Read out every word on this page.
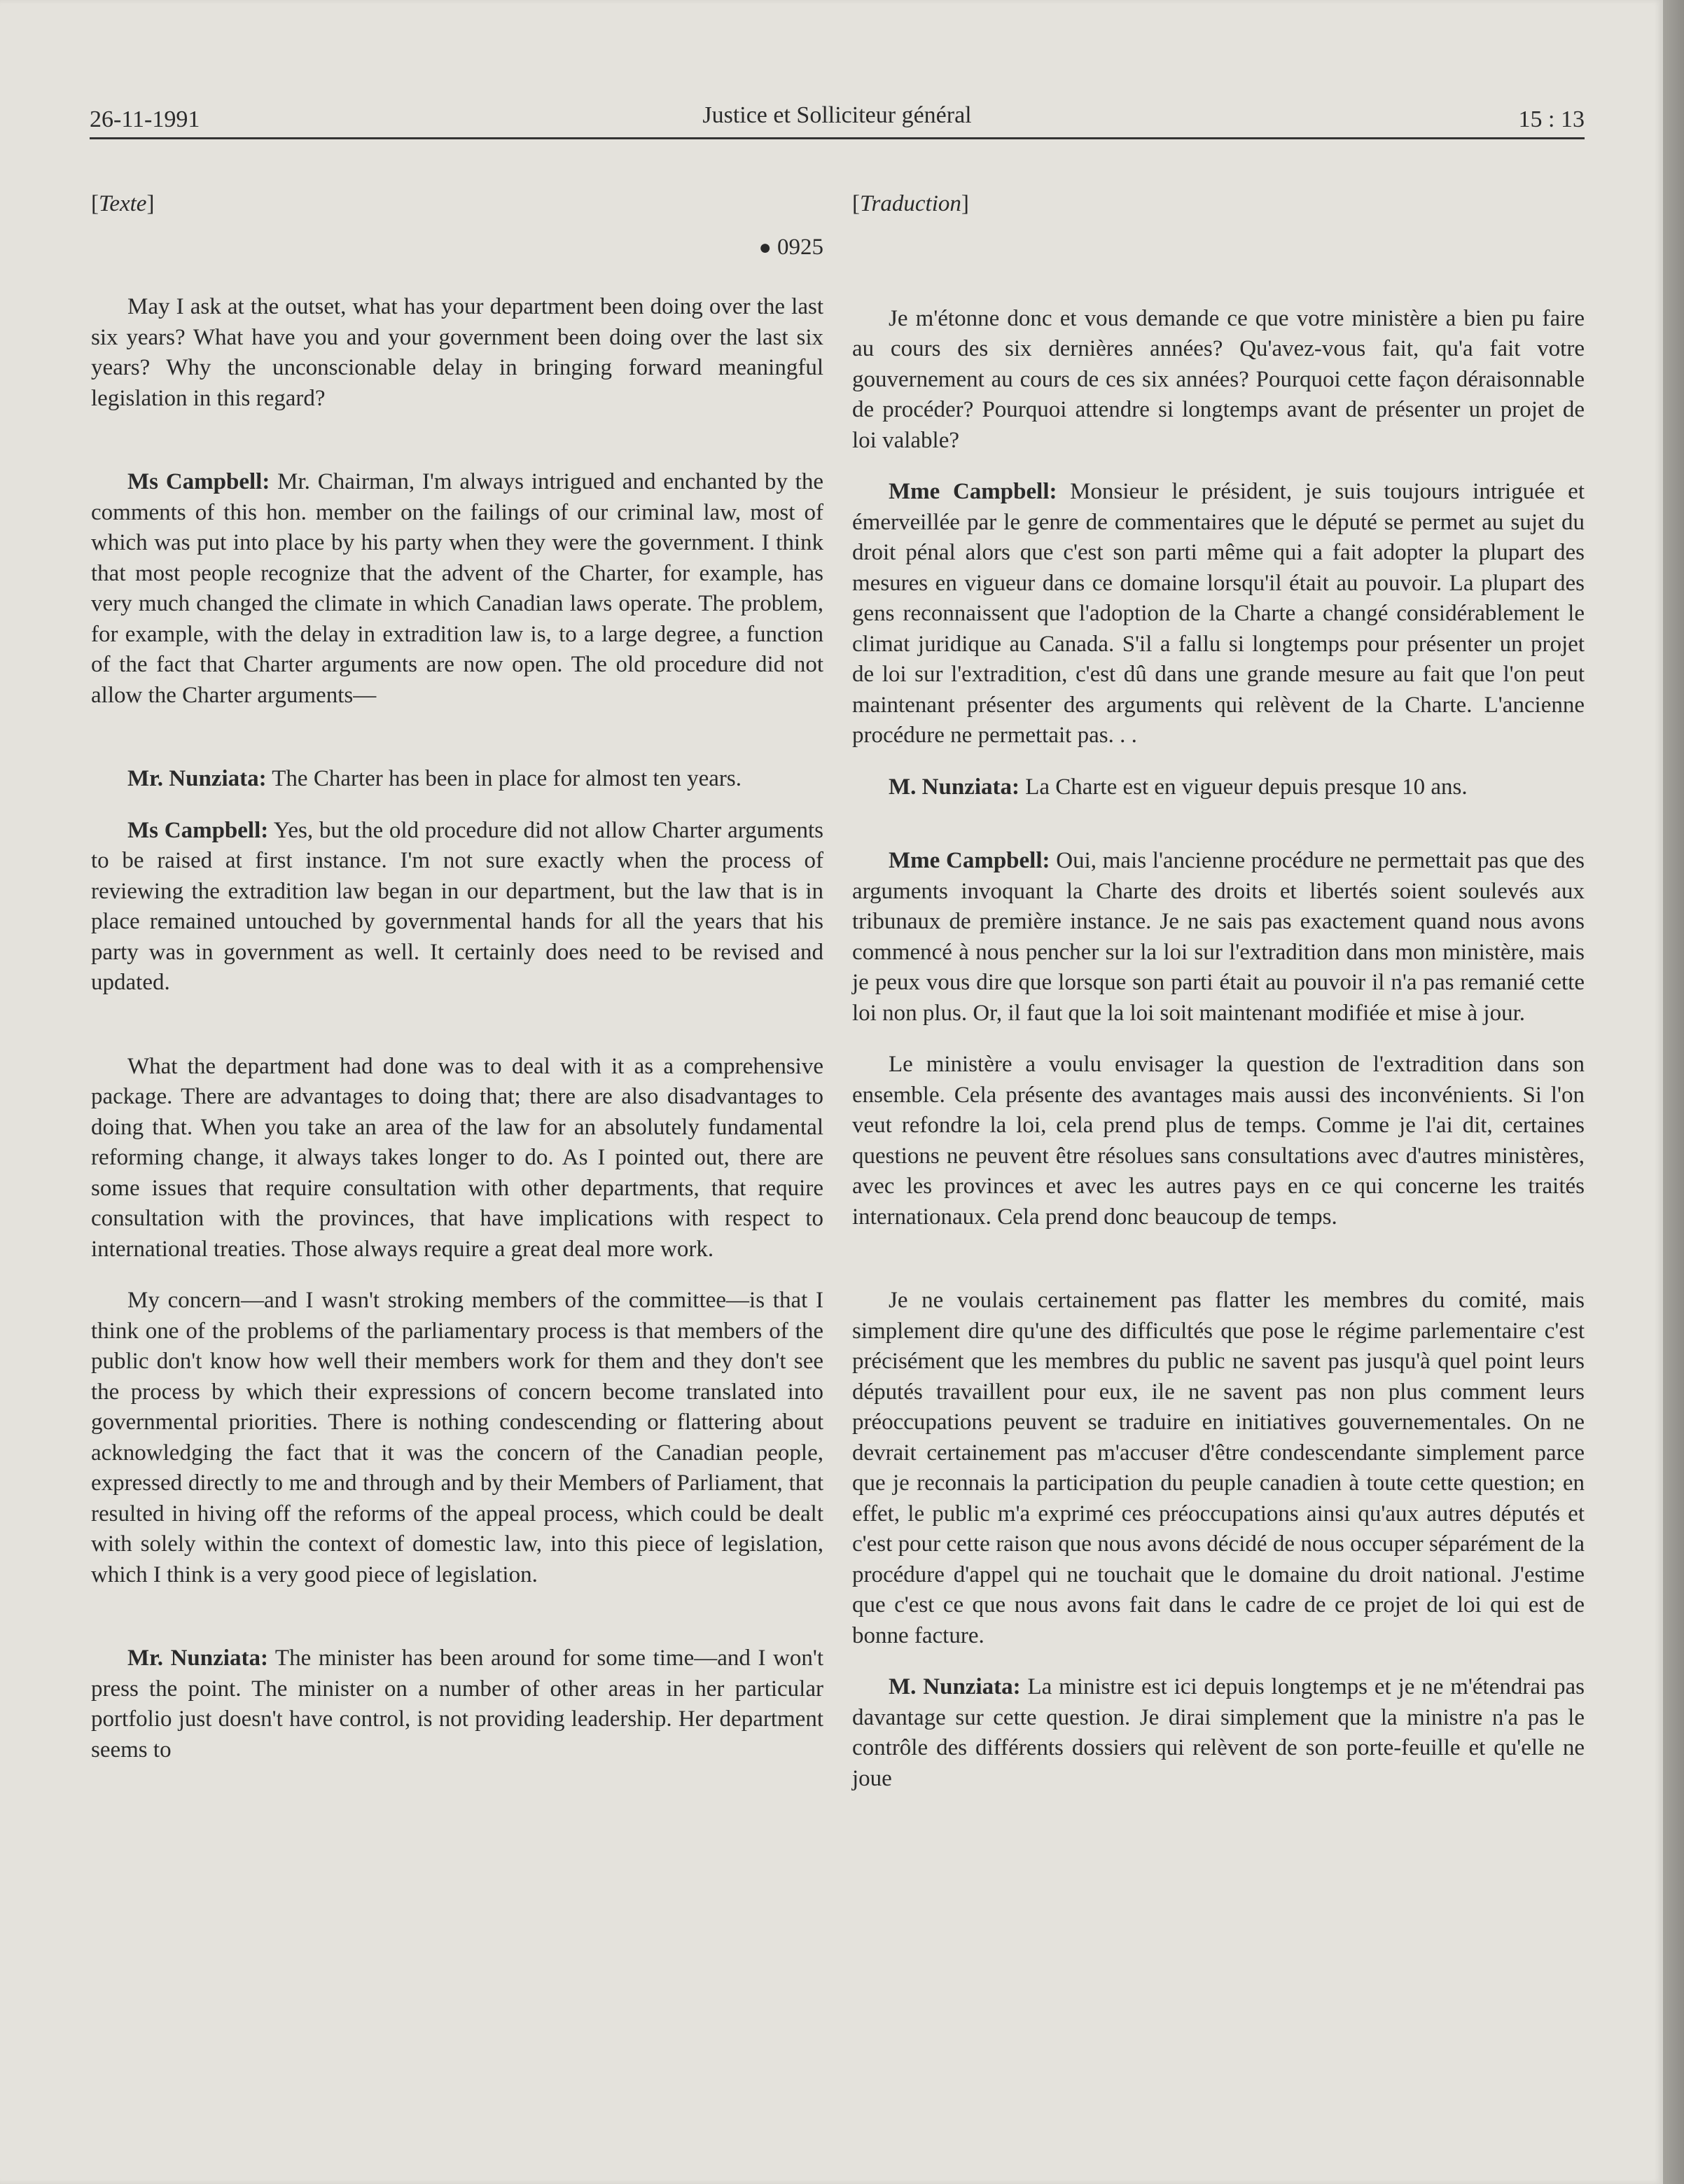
26-11-1991	Justice et Solliciteur général	15 : 13
[Texte]
● 0925

May I ask at the outset, what has your department been doing over the last six years? What have you and your government been doing over the last six years? Why the unconscionable delay in bringing forward meaningful legislation in this regard?

Ms Campbell: Mr. Chairman, I'm always intrigued and enchanted by the comments of this hon. member on the failings of our criminal law, most of which was put into place by his party when they were the government. I think that most people recognize that the advent of the Charter, for example, has very much changed the climate in which Canadian laws operate. The problem, for example, with the delay in extradition law is, to a large degree, a function of the fact that Charter arguments are now open. The old procedure did not allow the Charter arguments—

Mr. Nunziata: The Charter has been in place for almost ten years.

Ms Campbell: Yes, but the old procedure did not allow Charter arguments to be raised at first instance. I'm not sure exactly when the process of reviewing the extradition law began in our department, but the law that is in place remained untouched by governmental hands for all the years that his party was in government as well. It certainly does need to be revised and updated.

What the department had done was to deal with it as a comprehensive package. There are advantages to doing that; there are also disadvantages to doing that. When you take an area of the law for an absolutely fundamental reforming change, it always takes longer to do. As I pointed out, there are some issues that require consultation with other departments, that require consultation with the provinces, that have implications with respect to international treaties. Those always require a great deal more work.

My concern—and I wasn't stroking members of the committee—is that I think one of the problems of the parliamentary process is that members of the public don't know how well their members work for them and they don't see the process by which their expressions of concern become translated into governmental priorities. There is nothing condescending or flattering about acknowledging the fact that it was the concern of the Canadian people, expressed directly to me and through and by their Members of Parliament, that resulted in hiving off the reforms of the appeal process, which could be dealt with solely within the context of domestic law, into this piece of legislation, which I think is a very good piece of legislation.

Mr. Nunziata: The minister has been around for some time—and I won't press the point. The minister on a number of other areas in her particular portfolio just doesn't have control, is not providing leadership. Her department seems to

[Traduction]

Je m'étonne donc et vous demande ce que votre ministère a bien pu faire au cours des six dernières années? Qu'avez-vous fait, qu'a fait votre gouvernement au cours de ces six années? Pourquoi cette façon déraisonnable de procéder? Pourquoi attendre si longtemps avant de présenter un projet de loi valable?

Mme Campbell: Monsieur le président, je suis toujours intriguée et émerveillée par le genre de commentaires que le député se permet au sujet du droit pénal alors que c'est son parti même qui a fait adopter la plupart des mesures en vigueur dans ce domaine lorsqu'il était au pouvoir. La plupart des gens reconnaissent que l'adoption de la Charte a changé considérablement le climat juridique au Canada. S'il a fallu si longtemps pour présenter un projet de loi sur l'extradition, c'est dû dans une grande mesure au fait que l'on peut maintenant présenter des arguments qui relèvent de la Charte. L'ancienne procédure ne permettait pas. . .

M. Nunziata: La Charte est en vigueur depuis presque 10 ans.

Mme Campbell: Oui, mais l'ancienne procédure ne permettait pas que des arguments invoquant la Charte des droits et libertés soient soulevés aux tribunaux de première instance. Je ne sais pas exactement quand nous avons commencé à nous pencher sur la loi sur l'extradition dans mon ministère, mais je peux vous dire que lorsque son parti était au pouvoir il n'a pas remanié cette loi non plus. Or, il faut que la loi soit maintenant modifiée et mise à jour.

Le ministère a voulu envisager la question de l'extradition dans son ensemble. Cela présente des avantages mais aussi des inconvénients. Si l'on veut refondre la loi, cela prend plus de temps. Comme je l'ai dit, certaines questions ne peuvent être résolues sans consultations avec d'autres ministères, avec les provinces et avec les autres pays en ce qui concerne les traités internationaux. Cela prend donc beaucoup de temps.

Je ne voulais certainement pas flatter les membres du comité, mais simplement dire qu'une des difficultés que pose le régime parlementaire c'est précisément que les membres du public ne savent pas jusqu'à quel point leurs députés travaillent pour eux, ile ne savent pas non plus comment leurs préoccupations peuvent se traduire en initiatives gouvernementales. On ne devrait certainement pas m'accuser d'être condescendante simplement parce que je reconnais la participation du peuple canadien à toute cette question; en effet, le public m'a exprimé ces préoccupations ainsi qu'aux autres députés et c'est pour cette raison que nous avons décidé de nous occuper séparément de la procédure d'appel qui ne touchait que le domaine du droit national. J'estime que c'est ce que nous avons fait dans le cadre de ce projet de loi qui est de bonne facture.

M. Nunziata: La ministre est ici depuis longtemps et je ne m'étendrai pas davantage sur cette question. Je dirai simplement que la ministre n'a pas le contrôle des différents dossiers qui relèvent de son porte-feuille et qu'elle ne joue
